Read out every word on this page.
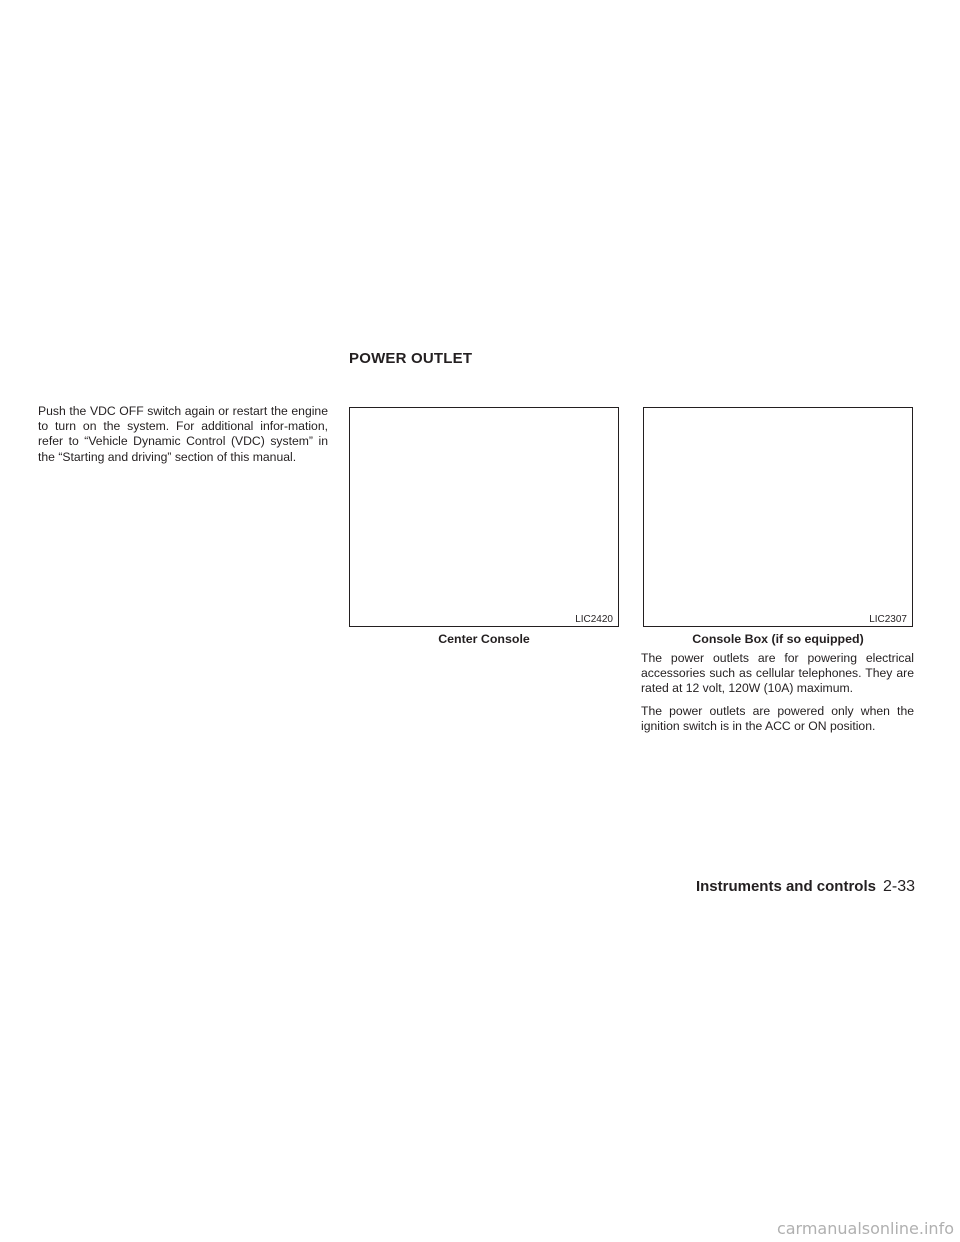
POWER OUTLET

Push the VDC OFF switch again or restart the engine to turn on the system. For additional infor-mation, refer to “Vehicle Dynamic Control (VDC) system” in the “Starting and driving” section of this manual.

LIC2420

Center Console

LIC2307

Console Box (if so equipped)

The power outlets are for powering electrical accessories such as cellular telephones. They are rated at 12 volt, 120W (10A) maximum.

The power outlets are powered only when the ignition switch is in the ACC or ON position.

Instruments and controls 2-33
carmanualsonline.info
